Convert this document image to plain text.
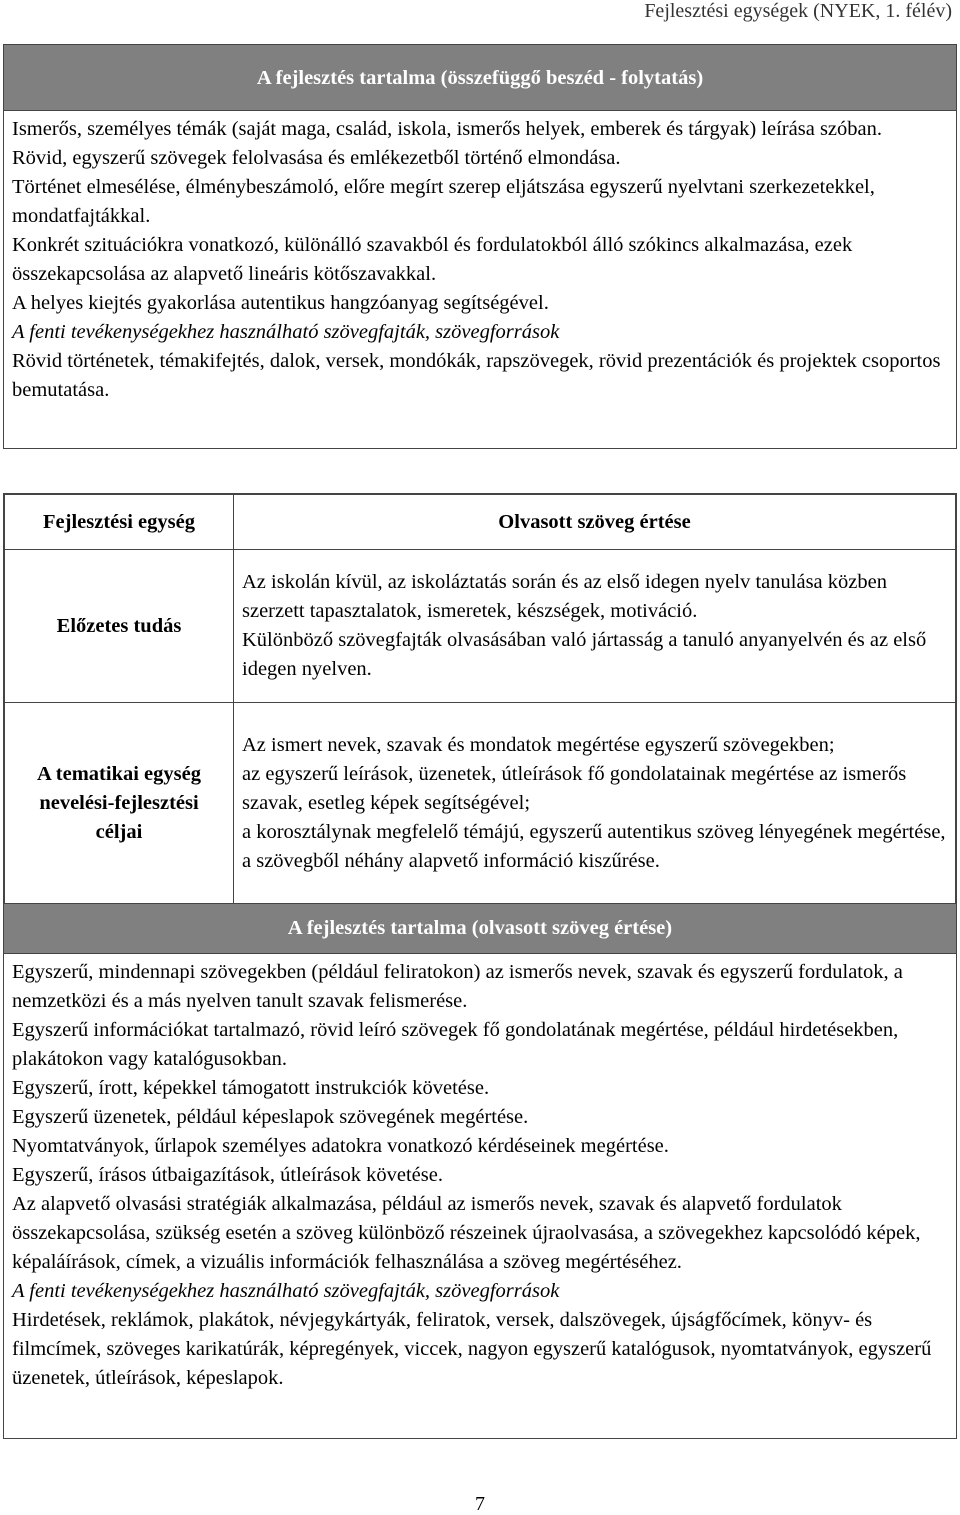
Fejlesztési egységek (NYEK, 1. félév)
A fejlesztés tartalma (összefüggő beszéd - folytatás)

Ismerős, személyes témák (saját maga, család, iskola, ismerős helyek, emberek és tárgyak) leírása szóban.

Rövid, egyszerű szövegek felolvasása és emlékezetből történő elmondása.

Történet elmesélése, élménybeszámoló, előre megírt szerep eljátszása egyszerű nyelvtani szerkezetekkel, mondatfajtákkal.

Konkrét szituációkra vonatkozó, különálló szavakból és fordulatokból álló szókincs alkalmazása, ezek összekapcsolása az alapvető lineáris kötőszavakkal.

A helyes kiejtés gyakorlása autentikus hangzóanyag segítségével.

A fenti tevékenységekhez használható szövegfajták, szövegforrások

Rövid történetek, témakifejtés, dalok, versek, mondókák, rapszövegek, rövid prezentációk és projektek csoportos bemutatása.

Fejlesztési egység	Olvasott szöveg értése
Előzetes tudás	Az iskolán kívül, az iskoláztatás során és az első idegen nyelv tanulása közben szerzett tapasztalatok, ismeretek, készségek, motiváció.

Különböző szövegfajták olvasásában való jártasság a tanuló anyanyelvén és az első idegen nyelven.

A tematikai egység nevelési-fejlesztési céljai	Az ismert nevek, szavak és mondatok megértése egyszerű szövegekben;

az egyszerű leírások, üzenetek, útleírások fő gondolatainak megértése az ismerős szavak, esetleg képek segítségével;

a korosztálynak megfelelő témájú, egyszerű autentikus szöveg lényegének megértése, a szövegből néhány alapvető információ kiszűrése.

A fejlesztés tartalma (olvasott szöveg értése)

Egyszerű, mindennapi szövegekben (például feliratokon) az ismerős nevek, szavak és egyszerű fordulatok, a nemzetközi és a más nyelven tanult szavak felismerése.

Egyszerű információkat tartalmazó, rövid leíró szövegek fő gondolatának megértése, például hirdetésekben, plakátokon vagy katalógusokban.

Egyszerű, írott, képekkel támogatott instrukciók követése.

Egyszerű üzenetek, például képeslapok szövegének megértése.

Nyomtatványok, űrlapok személyes adatokra vonatkozó kérdéseinek megértése.

Egyszerű, írásos útbaigazítások, útleírások követése.

Az alapvető olvasási stratégiák alkalmazása, például az ismerős nevek, szavak és alapvető fordulatok összekapcsolása, szükség esetén a szöveg különböző részeinek újraolvasása, a szövegekhez kapcsolódó képek, képaláírások, címek, a vizuális információk felhasználása a szöveg megértéséhez.

A fenti tevékenységekhez használható szövegfajták, szövegforrások

Hirdetések, reklámok, plakátok, névjegykártyák, feliratok, versek, dalszövegek, újságfőcímek, könyv- és filmcímek, szöveges karikatúrák, képregények, viccek, nagyon egyszerű katalógusok, nyomtatványok, egyszerű üzenetek, útleírások, képeslapok.

7
